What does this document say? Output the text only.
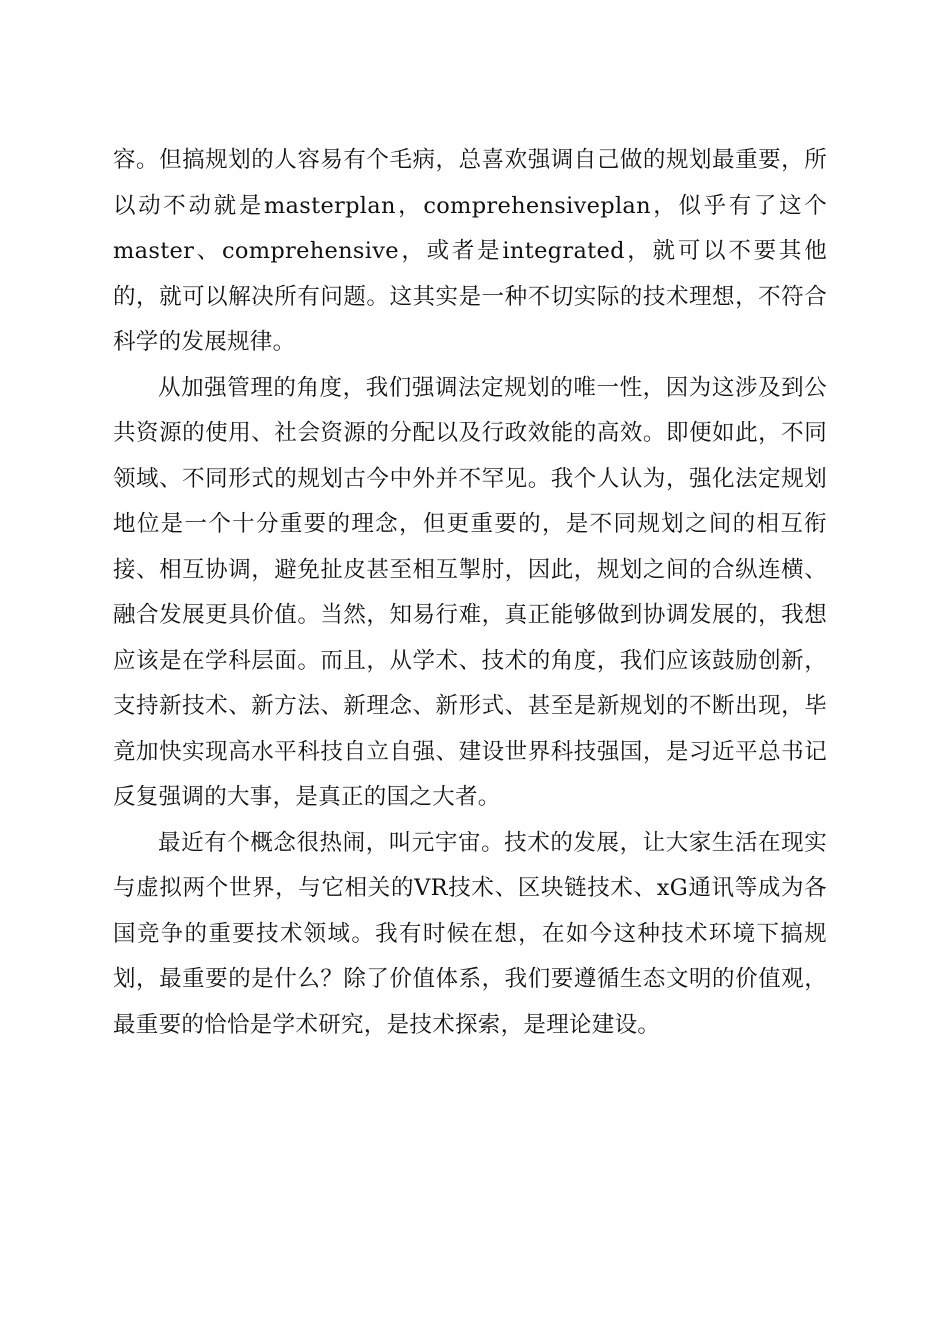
容。但搞规划的人容易有个毛病，总喜欢强调自己做的规划最重要，所以动不动就是masterplan，comprehensiveplan，似乎有了这个master、comprehensive，或者是integrated，就可以不要其他的，就可以解决所有问题。这其实是一种不切实际的技术理想，不符合科学的发展规律。

从加强管理的角度，我们强调法定规划的唯一性，因为这涉及到公共资源的使用、社会资源的分配以及行政效能的高效。即便如此，不同领域、不同形式的规划古今中外并不罕见。我个人认为，强化法定规划地位是一个十分重要的理念，但更重要的，是不同规划之间的相互衔接、相互协调，避免扯皮甚至相互掣肘，因此，规划之间的合纵连横、融合发展更具价值。当然，知易行难，真正能够做到协调发展的，我想应该是在学科层面。而且，从学术、技术的角度，我们应该鼓励创新，支持新技术、新方法、新理念、新形式、甚至是新规划的不断出现，毕竟加快实现高水平科技自立自强、建设世界科技强国，是习近平总书记反复强调的大事，是真正的国之大者。

最近有个概念很热闹，叫元宇宙。技术的发展，让大家生活在现实与虚拟两个世界，与它相关的VR技术、区块链技术、xG通讯等成为各国竞争的重要技术领域。我有时候在想，在如今这种技术环境下搞规划，最重要的是什么？除了价值体系，我们要遵循生态文明的价值观，最重要的恰恰是学术研究，是技术探索，是理论建设。
